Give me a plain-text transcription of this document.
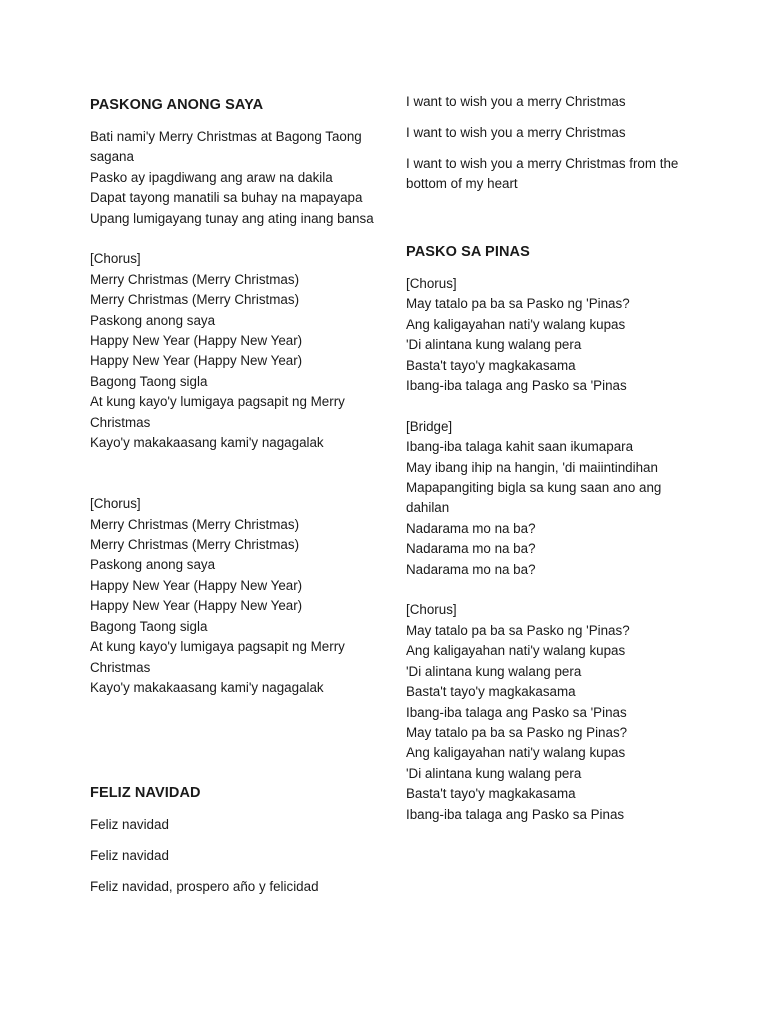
PASKONG ANONG SAYA
Bati nami'y Merry Christmas at Bagong Taong sagana
Pasko ay ipagdiwang ang araw na dakila
Dapat tayong manatili sa buhay na mapayapa
Upang lumigayang tunay ang ating inang bansa
[Chorus]
Merry Christmas (Merry Christmas)
Merry Christmas (Merry Christmas)
Paskong anong saya
Happy New Year (Happy New Year)
Happy New Year (Happy New Year)
Bagong Taong sigla
At kung kayo'y lumigaya pagsapit ng Merry Christmas
Kayo'y makakaasang kami'y nagagalak
[Chorus]
Merry Christmas (Merry Christmas)
Merry Christmas (Merry Christmas)
Paskong anong saya
Happy New Year (Happy New Year)
Happy New Year (Happy New Year)
Bagong Taong sigla
At kung kayo'y lumigaya pagsapit ng Merry Christmas
Kayo'y makakaasang kami'y nagagalak
FELIZ NAVIDAD
Feliz navidad
Feliz navidad
Feliz navidad, prospero año y felicidad
I want to wish you a merry Christmas
I want to wish you a merry Christmas
I want to wish you a merry Christmas from the bottom of my heart
PASKO SA PINAS
[Chorus]
May tatalo pa ba sa Pasko ng 'Pinas?
Ang kaligayahan nati'y walang kupas
'Di alintana kung walang pera
Basta't tayo'y magkakasama
Ibang-iba talaga ang Pasko sa 'Pinas
[Bridge]
Ibang-iba talaga kahit saan ikumapara
May ibang ihip na hangin, 'di maiintindihan
Mapapangiting bigla sa kung saan ano ang dahilan
Nadarama mo na ba?
Nadarama mo na ba?
Nadarama mo na ba?
[Chorus]
May tatalo pa ba sa Pasko ng 'Pinas?
Ang kaligayahan nati'y walang kupas
'Di alintana kung walang pera
Basta't tayo'y magkakasama
Ibang-iba talaga ang Pasko sa 'Pinas
May tatalo pa ba sa Pasko ng Pinas?
Ang kaligayahan nati'y walang kupas
'Di alintana kung walang pera
Basta't tayo'y magkakasama
Ibang-iba talaga ang Pasko sa Pinas
